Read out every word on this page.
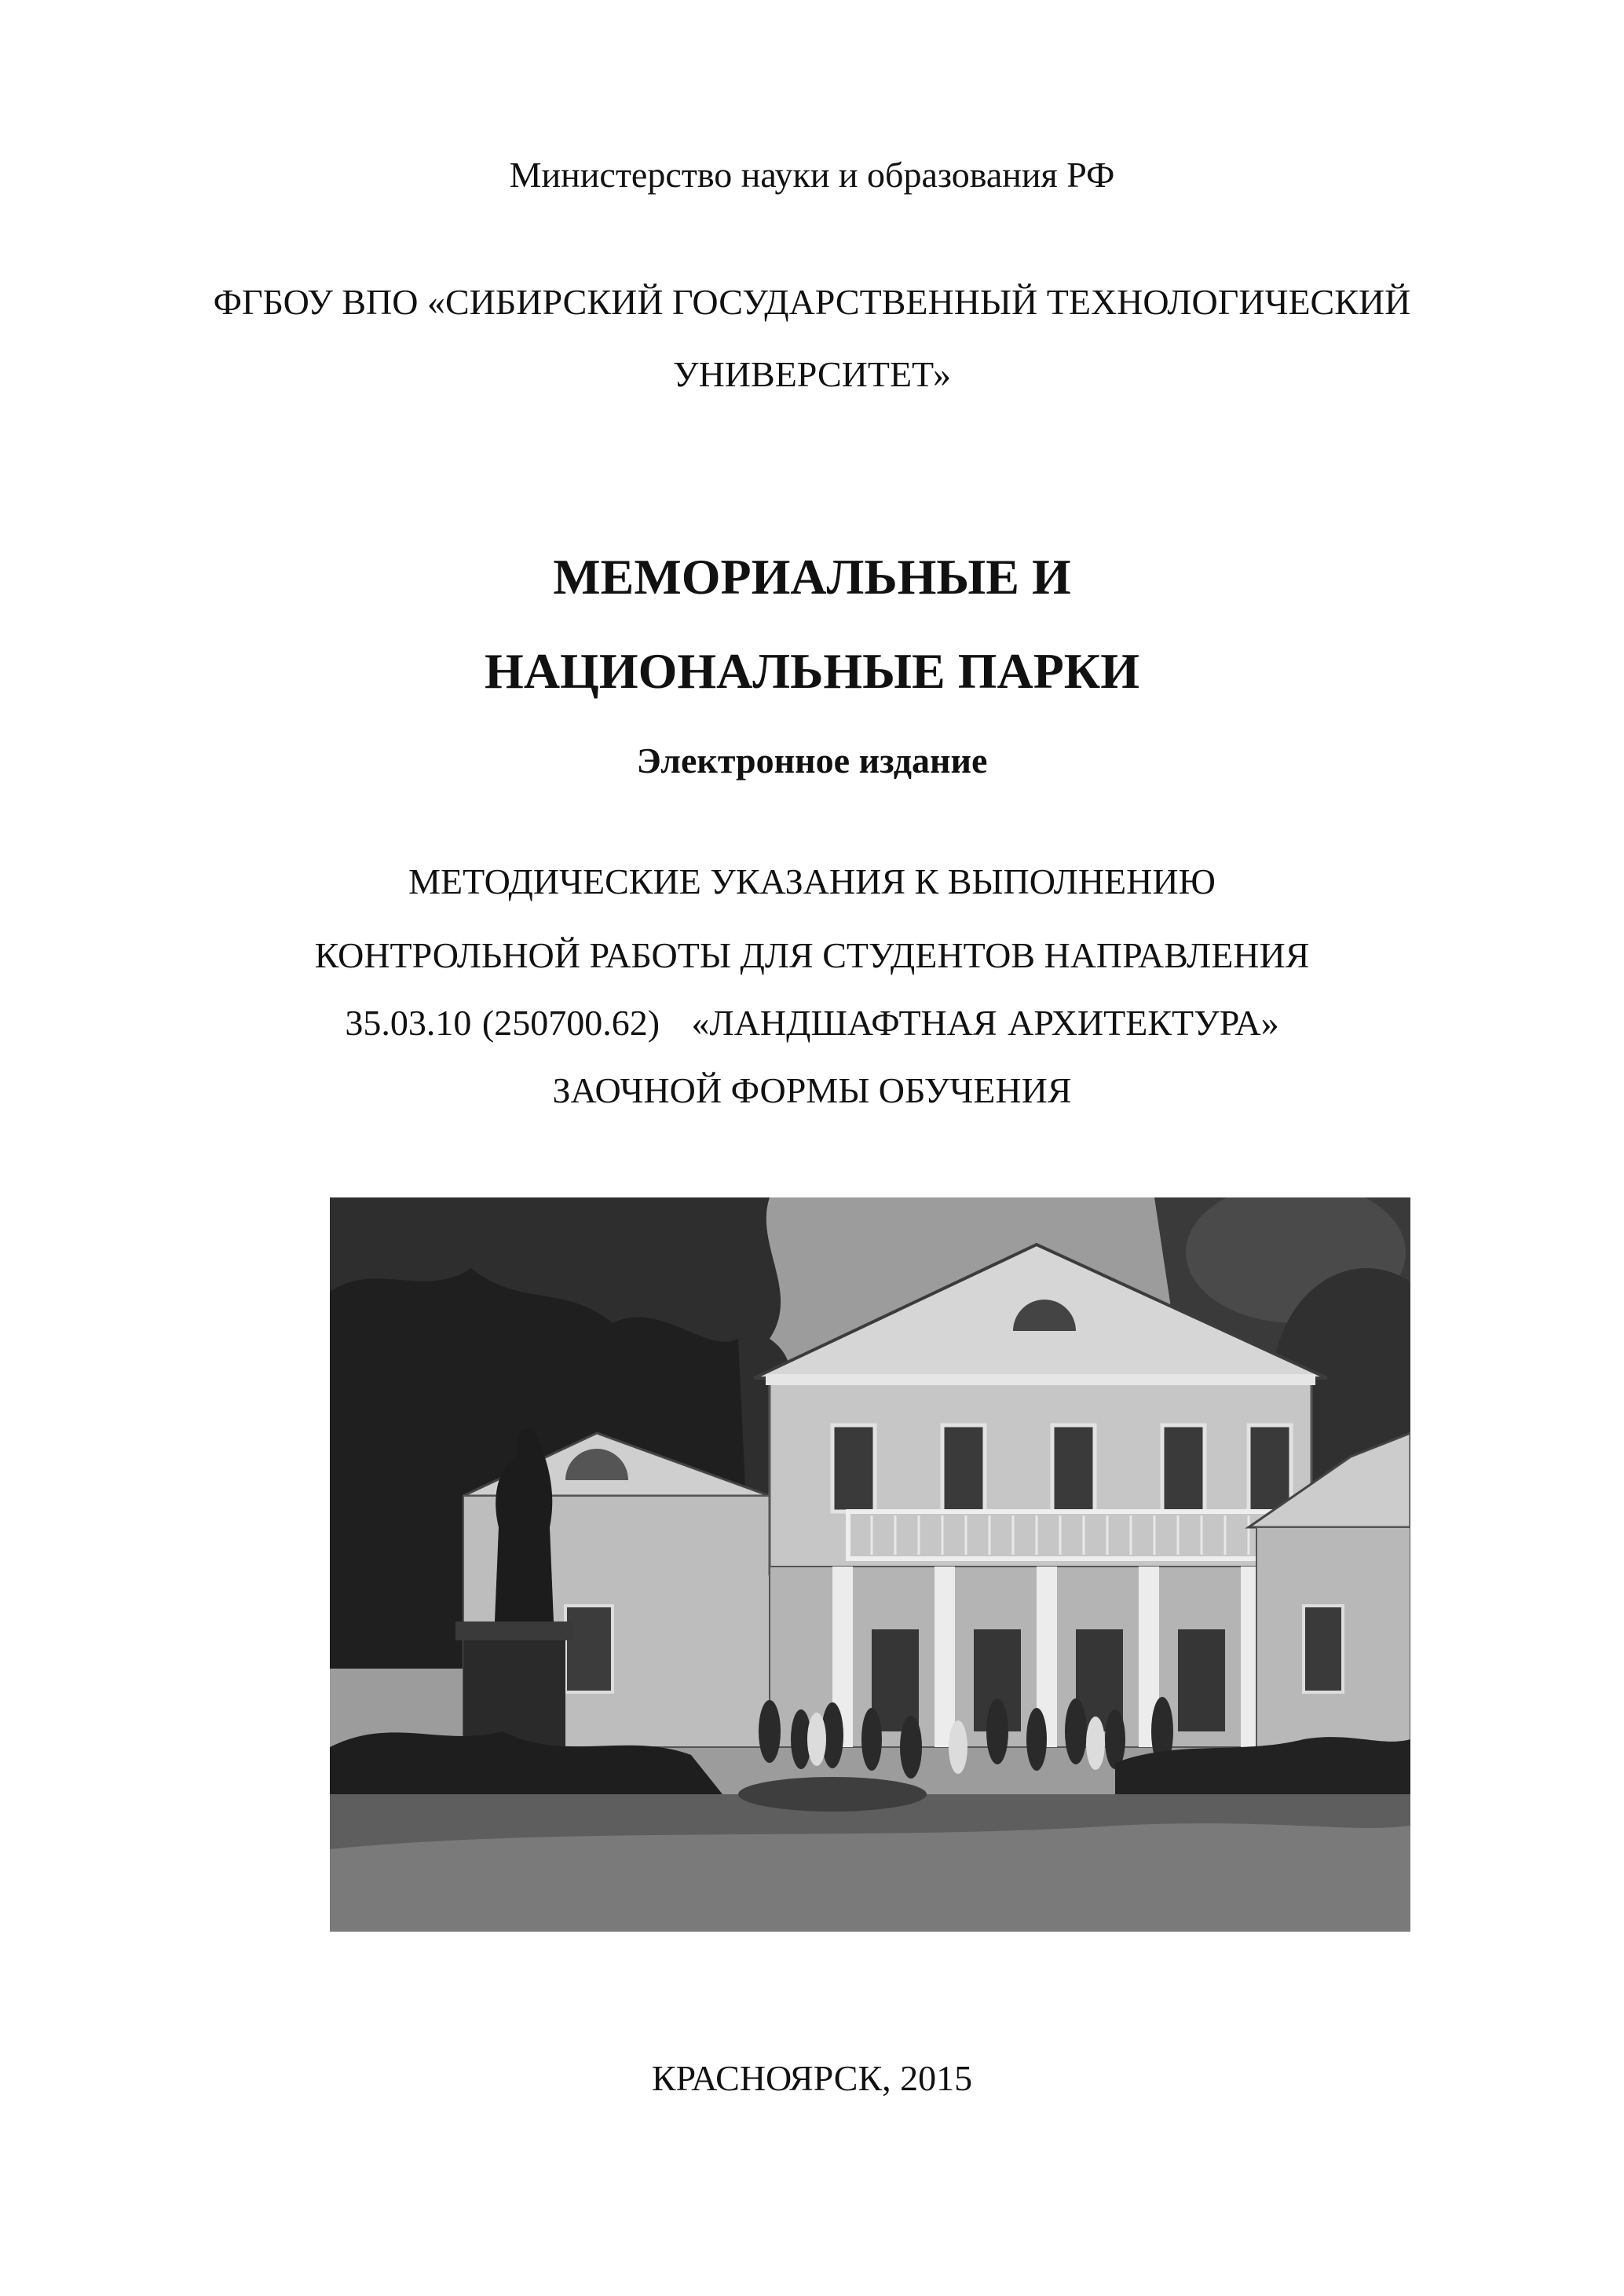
Министерство науки и образования РФ
ФГБОУ ВПО «СИБИРСКИЙ ГОСУДАРСТВЕННЫЙ ТЕХНОЛОГИЧЕСКИЙ
УНИВЕРСИТЕТ»
МЕМОРИАЛЬНЫЕ И
НАЦИОНАЛЬНЫЕ ПАРКИ
Электронное издание
МЕТОДИЧЕСКИЕ УКАЗАНИЯ К ВЫПОЛНЕНИЮ
КОНТРОЛЬНОЙ РАБОТЫ ДЛЯ СТУДЕНТОВ НАПРАВЛЕНИЯ
35.03.10 (250700.62)   «ЛАНДШАФТНАЯ АРХИТЕКТУРА»
ЗАОЧНОЙ ФОРМЫ ОБУЧЕНИЯ
КРАСНОЯРСК, 2015
